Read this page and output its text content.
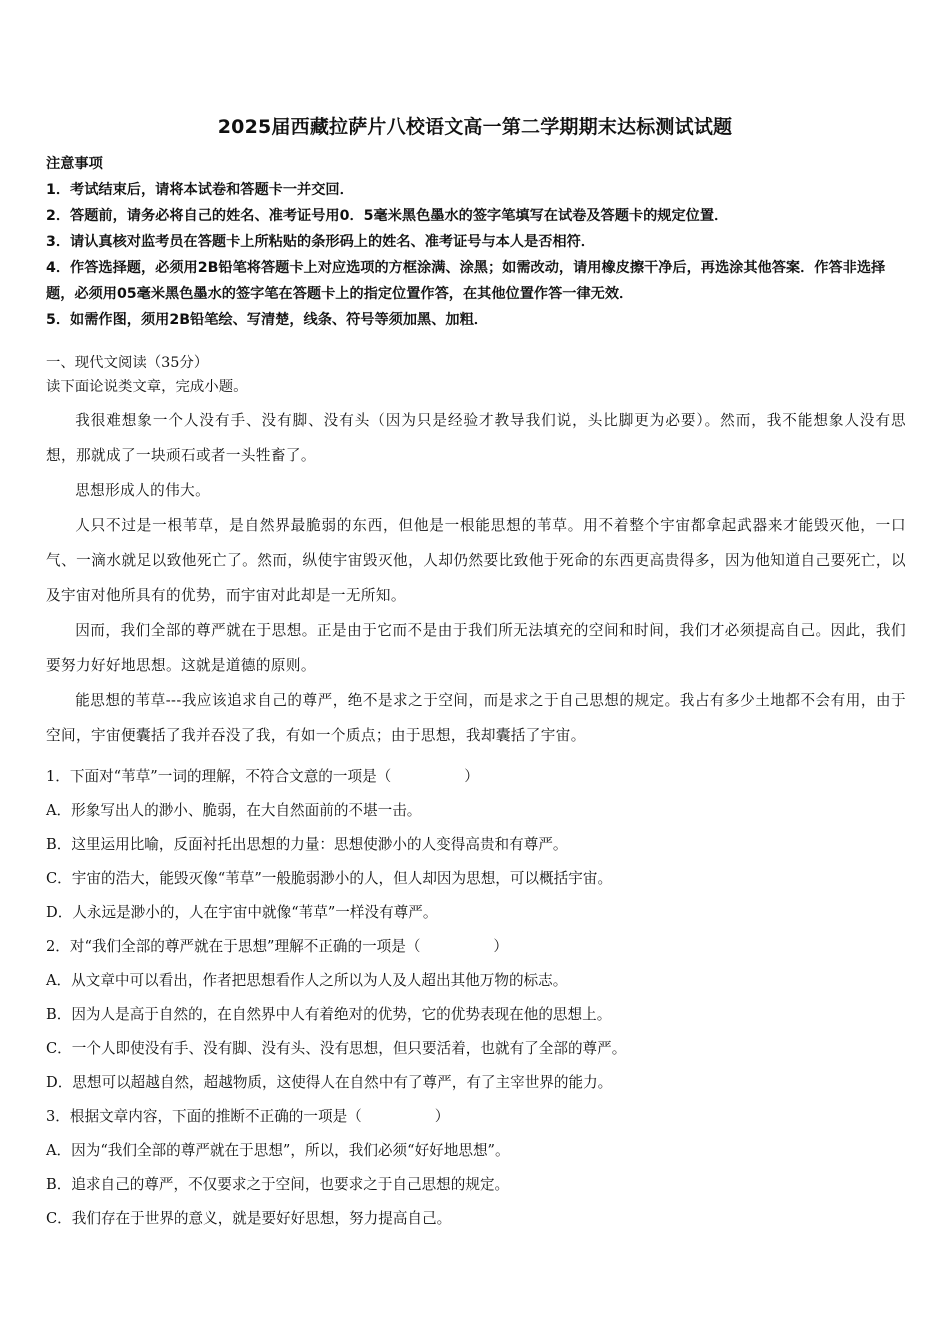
2025届西藏拉萨片八校语文高一第二学期期末达标测试试题
注意事项
1．考试结束后，请将本试卷和答题卡一并交回．
2．答题前，请务必将自己的姓名、准考证号用0．5毫米黑色墨水的签字笔填写在试卷及答题卡的规定位置．
3．请认真核对监考员在答题卡上所粘贴的条形码上的姓名、准考证号与本人是否相符．
4．作答选择题，必须用2B铅笔将答题卡上对应选项的方框涂满、涂黑；如需改动，请用橡皮擦干净后，再选涂其他答案．作答非选择题，必须用05毫米黑色墨水的签字笔在答题卡上的指定位置作答，在其他位置作答一律无效．
5．如需作图，须用2B铅笔绘、写清楚，线条、符号等须加黑、加粗．
一、现代文阅读（35分）
读下面论说类文章，完成小题。

我很难想象一个人没有手、没有脚、没有头（因为只是经验才教导我们说，头比脚更为必要）。然而，我不能想象人没有思想，那就成了一块顽石或者一头牲畜了。

思想形成人的伟大。

人只不过是一根苇草，是自然界最脆弱的东西，但他是一根能思想的苇草。用不着整个宇宙都拿起武器来才能毁灭他，一口气、一滴水就足以致他死亡了。然而，纵使宇宙毁灭他，人却仍然要比致他于死命的东西更高贵得多，因为他知道自己要死亡，以及宇宙对他所具有的优势，而宇宙对此却是一无所知。

因而，我们全部的尊严就在于思想。正是由于它而不是由于我们所无法填充的空间和时间，我们才必须提高自己。因此，我们要努力好好地思想。这就是道德的原则。

能思想的苇草---我应该追求自己的尊严，绝不是求之于空间，而是求之于自己思想的规定。我占有多少土地都不会有用，由于空间，宇宙便囊括了我并吞没了我，有如一个质点；由于思想，我却囊括了宇宙。

1．下面对“苇草”一词的理解，不符合文意的一项是（　　　　　）
A．形象写出人的渺小、脆弱，在大自然面前的不堪一击。
B．这里运用比喻，反面衬托出思想的力量：思想使渺小的人变得高贵和有尊严。
C．宇宙的浩大，能毁灭像“苇草”一般脆弱渺小的人，但人却因为思想，可以概括宇宙。
D．人永远是渺小的，人在宇宙中就像“苇草”一样没有尊严。
2．对“我们全部的尊严就在于思想”理解不正确的一项是（　　　　　）
A．从文章中可以看出，作者把思想看作人之所以为人及人超出其他万物的标志。
B．因为人是高于自然的，在自然界中人有着绝对的优势，它的优势表现在他的思想上。
C．一个人即使没有手、没有脚、没有头、没有思想，但只要活着，也就有了全部的尊严。
D．思想可以超越自然，超越物质，这使得人在自然中有了尊严，有了主宰世界的能力。
3．根据文章内容，下面的推断不正确的一项是（　　　　　）
A．因为“我们全部的尊严就在于思想”，所以，我们必须“好好地思想”。
B．追求自己的尊严，不仅要求之于空间，也要求之于自己思想的规定。
C．我们存在于世界的意义，就是要好好思想，努力提高自己。
